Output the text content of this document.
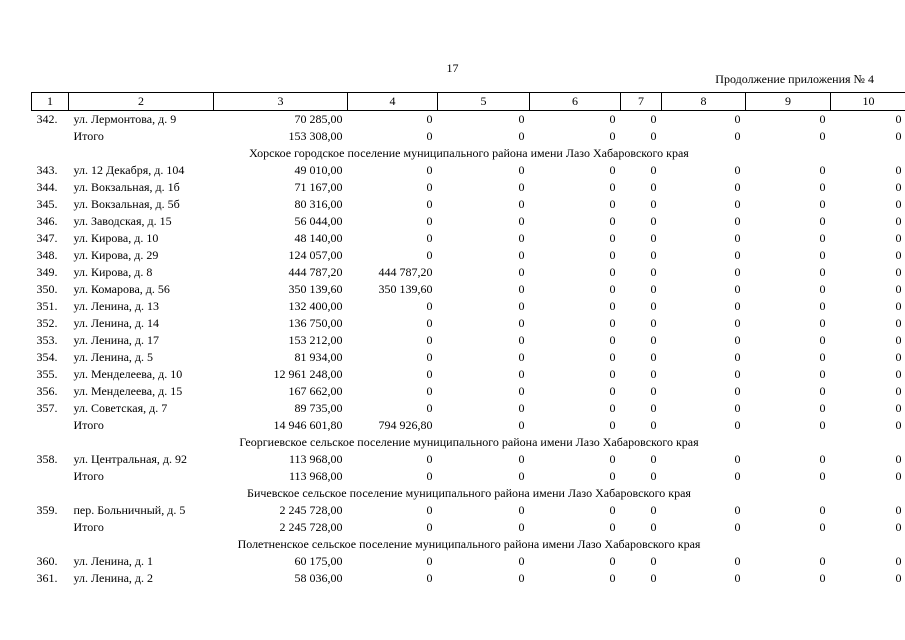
17
Продолжение приложения № 4
1	2	3	4	5	6	7	8	9	10
342.	ул. Лермонтова, д. 9	70 285,00	0	0	0	0	0	0	0
	Итого	153 308,00	0	0	0	0	0	0	0
Хорское городское поселение муниципального района имени Лазо Хабаровского края									
343.	ул. 12 Декабря, д. 104	49 010,00	0	0	0	0	0	0	0
344.	ул. Вокзальная, д. 1б	71 167,00	0	0	0	0	0	0	0
345.	ул. Вокзальная, д. 5б	80 316,00	0	0	0	0	0	0	0
346.	ул. Заводская, д. 15	56 044,00	0	0	0	0	0	0	0
347.	ул. Кирова, д. 10	48 140,00	0	0	0	0	0	0	0
348.	ул. Кирова, д. 29	124 057,00	0	0	0	0	0	0	0
349.	ул. Кирова, д. 8	444 787,20	444 787,20	0	0	0	0	0	0
350.	ул. Комарова, д. 56	350 139,60	350 139,60	0	0	0	0	0	0
351.	ул. Ленина, д. 13	132 400,00	0	0	0	0	0	0	0
352.	ул. Ленина, д. 14	136 750,00	0	0	0	0	0	0	0
353.	ул. Ленина, д. 17	153 212,00	0	0	0	0	0	0	0
354.	ул. Ленина, д. 5	81 934,00	0	0	0	0	0	0	0
355.	ул. Менделеева, д. 10	12 961 248,00	0	0	0	0	0	0	0
356.	ул. Менделеева, д. 15	167 662,00	0	0	0	0	0	0	0
357.	ул. Советская, д. 7	89 735,00	0	0	0	0	0	0	0
	Итого	14 946 601,80	794 926,80	0	0	0	0	0	0
Георгиевское сельское поселение муниципального района имени Лазо Хабаровского края									
358.	ул. Центральная, д. 92	113 968,00	0	0	0	0	0	0	0
	Итого	113 968,00	0	0	0	0	0	0	0
Бичевское сельское поселение муниципального района имени Лазо Хабаровского края									
359.	пер. Больничный, д. 5	2 245 728,00	0	0	0	0	0	0	0
	Итого	2 245 728,00	0	0	0	0	0	0	0
Полетненское сельское поселение муниципального района имени Лазо Хабаровского края									
360.	ул. Ленина, д. 1	60 175,00	0	0	0	0	0	0	0
361.	ул. Ленина, д. 2	58 036,00	0	0	0	0	0	0	0
